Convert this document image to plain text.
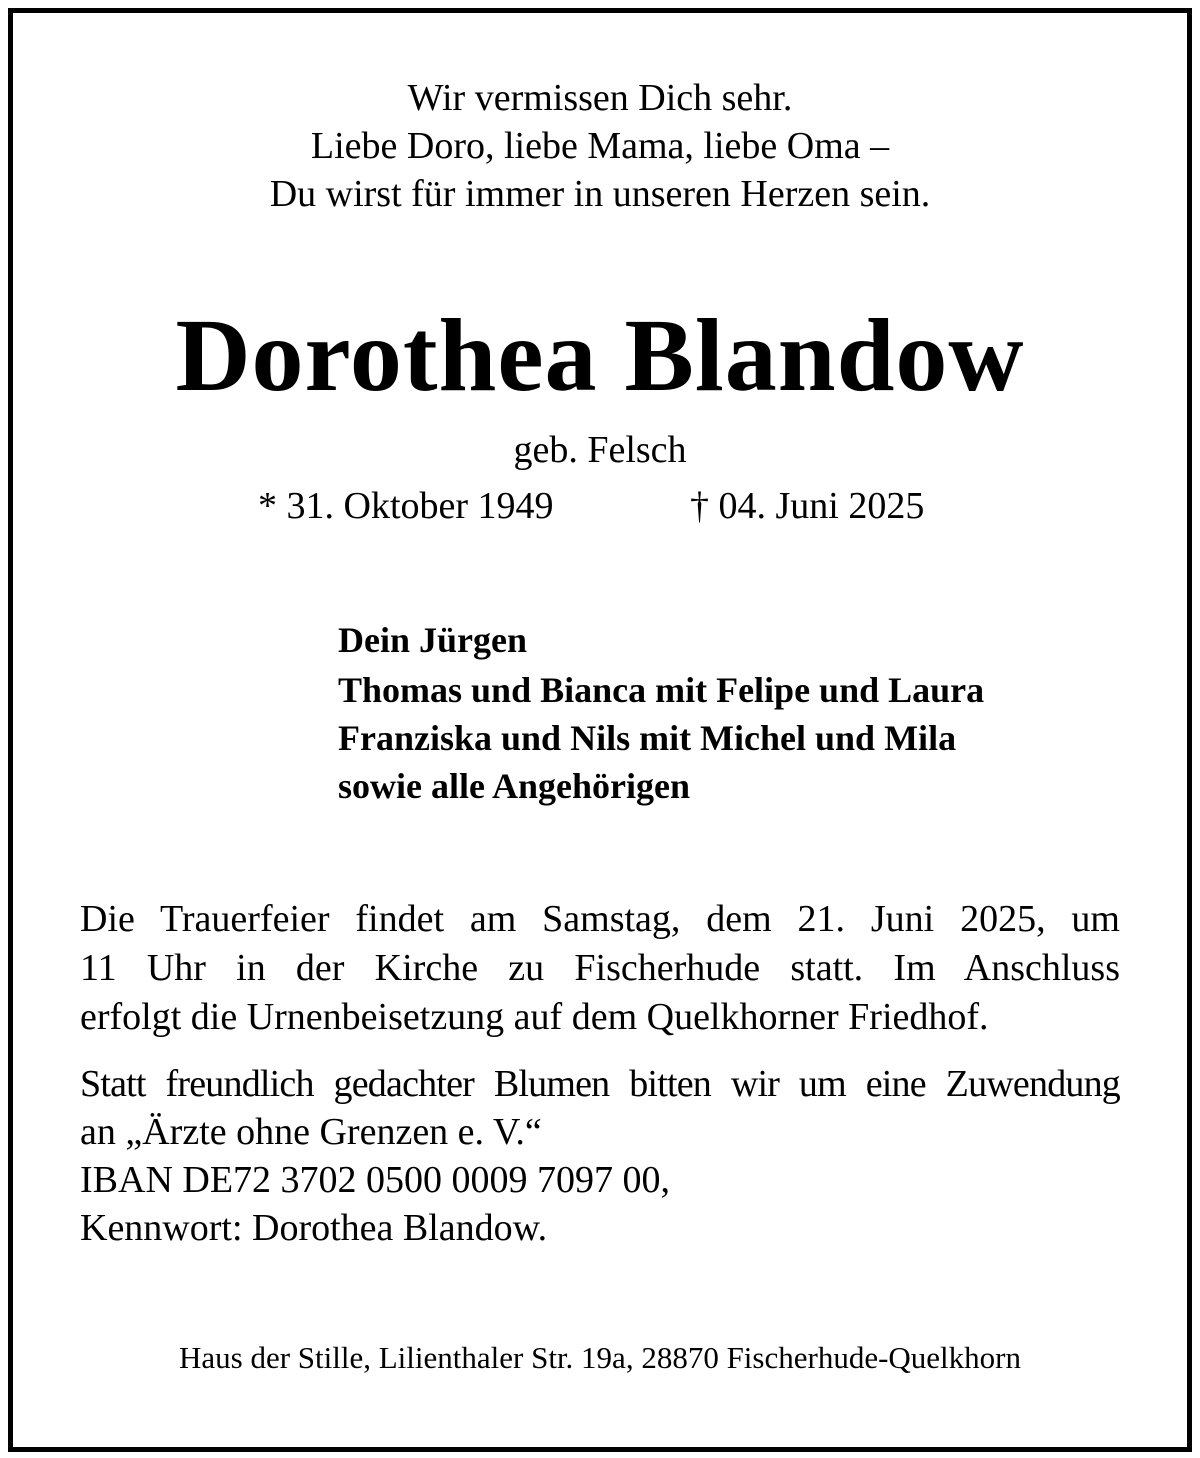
Wir vermissen Dich sehr.
Liebe Doro, liebe Mama, liebe Oma –
Du wirst für immer in unseren Herzen sein.
Dorothea Blandow
geb. Felsch
* 31. Oktober 1949	† 04. Juni 2025
Dein Jürgen
Thomas und Bianca mit Felipe und Laura
Franziska und Nils mit Michel und Mila
sowie alle Angehörigen
Die Trauerfeier findet am Samstag, dem 21. Juni 2025, um
11 Uhr in der Kirche zu Fischerhude statt. Im Anschluss
erfolgt die Urnenbeisetzung auf dem Quelkhorner Friedhof.
Statt freundlich gedachter Blumen bitten wir um eine Zuwendung
an „Ärzte ohne Grenzen e. V.“
IBAN DE72 3702 0500 0009 7097 00,
Kennwort: Dorothea Blandow.
Haus der Stille, Lilienthaler Str. 19a, 28870 Fischerhude-Quelkhorn
